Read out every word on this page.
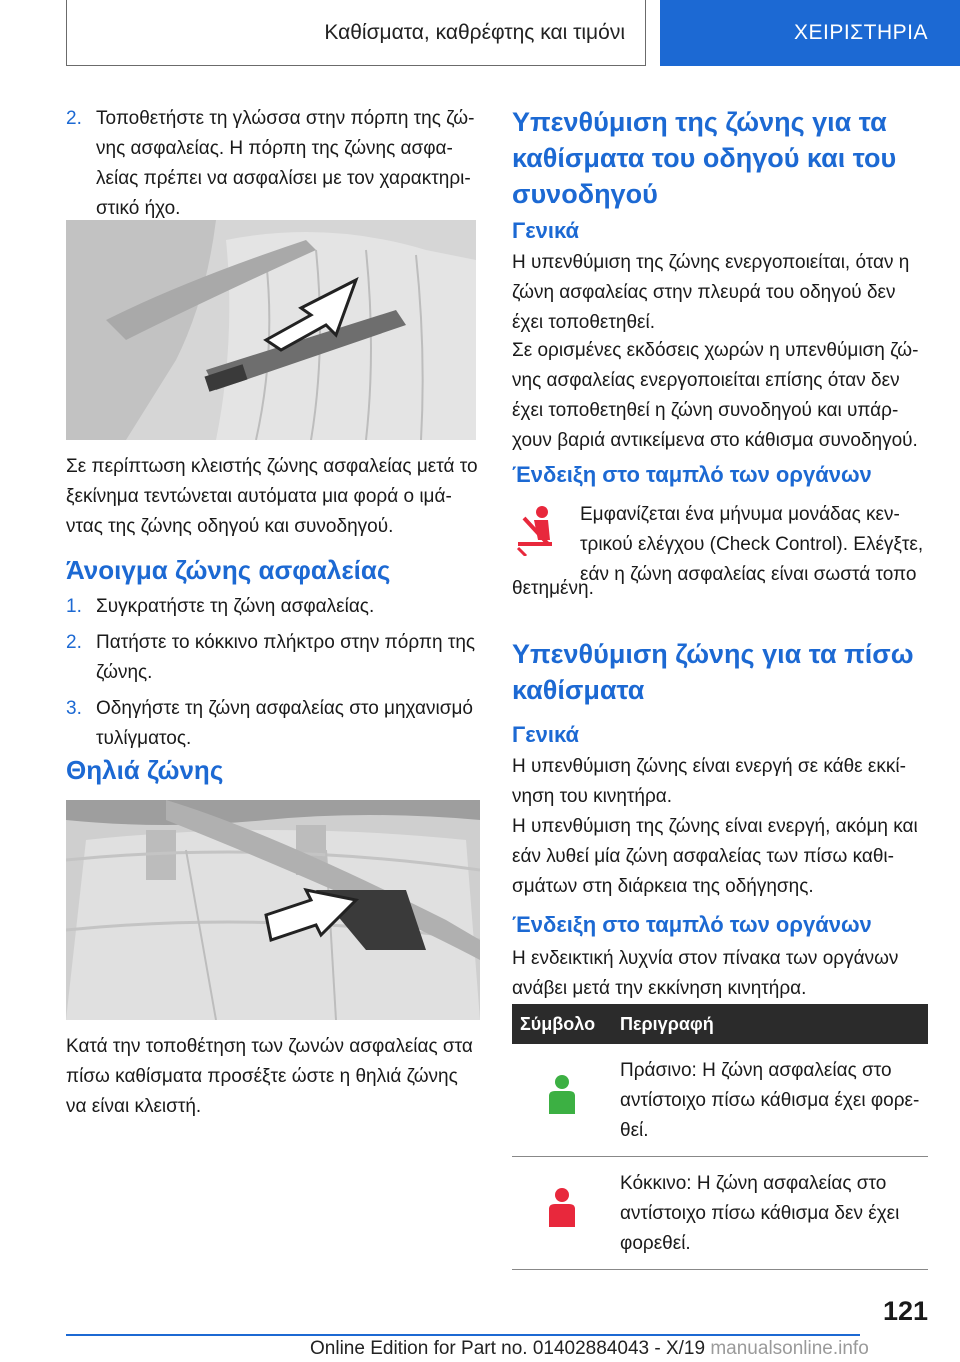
Καθίσματα, καθρέφτης και τιμόνι	ΧΕΙΡΙΣΤΗΡΙΑ
2. Τοποθετήστε τη γλώσσα στην πόρπη της ζώνης ασφαλείας. Η πόρπη της ζώνης ασφαλείας πρέπει να ασφαλίσει με τον χαρακτηριστικό ήχο.

Σε περίπτωση κλειστής ζώνης ασφαλείας μετά το ξεκίνημα τεντώνεται αυτόματα μια φορά ο ιμάντας της ζώνης οδηγού και συνοδηγού.

Άνοιγμα ζώνης ασφαλείας
1. Συγκρατήστε τη ζώνη ασφαλείας.
2. Πατήστε το κόκκινο πλήκτρο στην πόρπη της ζώνης.
3. Οδηγήστε τη ζώνη ασφαλείας στο μηχανισμό τυλίγματος.
Θηλιά ζώνης

Κατά την τοποθέτηση των ζωνών ασφαλείας στα πίσω καθίσματα προσέξτε ώστε η θηλιά ζώνης να είναι κλειστή.

Υπενθύμιση της ζώνης για τα καθίσματα του οδηγού και του συνοδηγού
Γενικά

Η υπενθύμιση της ζώνης ενεργοποιείται, όταν η ζώνη ασφαλείας στην πλευρά του οδηγού δεν έχει τοποθετηθεί.

Σε ορισμένες εκδόσεις χωρών η υπενθύμιση ζώνης ασφαλείας ενεργοποιείται επίσης όταν δεν έχει τοποθετηθεί η ζώνη συνοδηγού και υπάρχουν βαριά αντικείμενα στο κάθισμα συνοδηγού.

Ένδειξη στο ταμπλό των οργάνων

Εμφανίζεται ένα μήνυμα μονάδας κεντρικού ελέγχου (Check Control). Ελέγξτε, εάν η ζώνη ασφαλείας είναι σωστά τοπο

θετημένη.

Υπενθύμιση ζώνης για τα πίσω καθίσματα
Γενικά

Η υπενθύμιση ζώνης είναι ενεργή σε κάθε εκκίνηση του κινητήρα.

Η υπενθύμιση της ζώνης είναι ενεργή, ακόμη και εάν λυθεί μία ζώνη ασφαλείας των πίσω καθισμάτων στη διάρκεια της οδήγησης.

Ένδειξη στο ταμπλό των οργάνων

Η ενδεικτική λυχνία στον πίνακα των οργάνων ανάβει μετά την εκκίνηση κινητήρα.

Σύμβολο	Περιγραφή
	Πράσινο: Η ζώνη ασφαλείας στο αντίστοιχο πίσω κάθισμα έχει φορεθεί.
	Κόκκινο: Η ζώνη ασφαλείας στο αντίστοιχο πίσω κάθισμα δεν έχει φορεθεί.
121
Online Edition for Part no. 01402884043 - X/19 manualsonline.info
